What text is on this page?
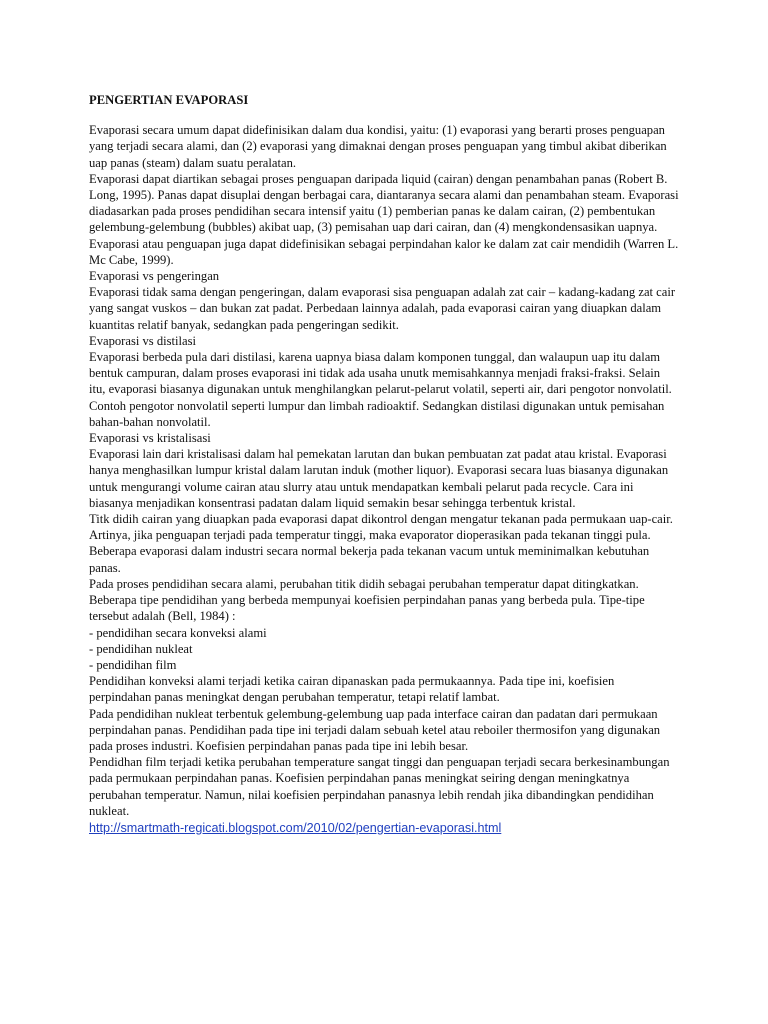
PENGERTIAN EVAPORASI

Evaporasi secara umum dapat didefinisikan dalam dua kondisi, yaitu: (1) evaporasi yang berarti proses penguapan yang terjadi secara alami, dan (2) evaporasi yang dimaknai dengan proses penguapan yang timbul akibat diberikan uap panas (steam) dalam suatu peralatan.

Evaporasi dapat diartikan sebagai proses penguapan daripada liquid (cairan) dengan penambahan panas (Robert B. Long, 1995). Panas dapat disuplai dengan berbagai cara, diantaranya secara alami dan penambahan steam. Evaporasi diadasarkan pada proses pendidihan secara intensif yaitu (1) pemberian panas ke dalam cairan, (2) pembentukan gelembung-gelembung (bubbles) akibat uap, (3) pemisahan uap dari cairan, dan (4) mengkondensasikan uapnya.

Evaporasi atau penguapan juga dapat didefinisikan sebagai perpindahan kalor ke dalam zat cair mendidih (Warren L. Mc Cabe, 1999).

Evaporasi vs pengeringan

Evaporasi tidak sama dengan pengeringan, dalam evaporasi sisa penguapan adalah zat cair – kadang-kadang zat cair yang sangat vuskos – dan bukan zat padat. Perbedaan lainnya adalah, pada evaporasi cairan yang diuapkan dalam kuantitas relatif banyak, sedangkan pada pengeringan sedikit.

Evaporasi vs distilasi

Evaporasi berbeda pula dari distilasi, karena uapnya biasa dalam komponen tunggal, dan walaupun uap itu dalam bentuk campuran, dalam proses evaporasi ini tidak ada usaha unutk memisahkannya menjadi fraksi-fraksi. Selain itu, evaporasi biasanya digunakan untuk menghilangkan pelarut-pelarut volatil, seperti air, dari pengotor nonvolatil. Contoh pengotor nonvolatil seperti lumpur dan limbah radioaktif. Sedangkan distilasi digunakan untuk pemisahan bahan-bahan nonvolatil.

Evaporasi vs kristalisasi

Evaporasi lain dari kristalisasi dalam hal pemekatan larutan dan bukan pembuatan zat padat atau kristal. Evaporasi hanya menghasilkan lumpur kristal dalam larutan induk (mother liquor). Evaporasi secara luas biasanya digunakan untuk mengurangi volume cairan atau slurry atau untuk mendapatkan kembali pelarut pada recycle. Cara ini biasanya menjadikan konsentrasi padatan dalam liquid semakin besar sehingga terbentuk kristal.

Titk didih cairan yang diuapkan pada evaporasi dapat dikontrol dengan mengatur tekanan pada permukaan uap-cair. Artinya, jika penguapan terjadi pada temperatur tinggi, maka evaporator dioperasikan pada tekanan tinggi pula. Beberapa evaporasi dalam industri secara normal bekerja pada tekanan vacum untuk meminimalkan kebutuhan panas.

Pada proses pendidihan secara alami, perubahan titik didih sebagai perubahan temperatur dapat ditingkatkan. Beberapa tipe pendidihan yang berbeda mempunyai koefisien perpindahan panas yang berbeda pula. Tipe-tipe tersebut adalah (Bell, 1984) :

- pendidihan secara konveksi alami

- pendidihan nukleat

- pendidihan film

Pendidihan konveksi alami terjadi ketika cairan dipanaskan pada permukaannya. Pada tipe ini, koefisien perpindahan panas meningkat dengan perubahan temperatur, tetapi relatif lambat.

Pada pendidihan nukleat terbentuk gelembung-gelembung uap pada interface cairan dan padatan dari permukaan perpindahan panas. Pendidihan pada tipe ini terjadi dalam sebuah ketel atau reboiler thermosifon yang digunakan pada proses industri. Koefisien perpindahan panas pada tipe ini lebih besar.

Pendidhan film terjadi ketika perubahan temperature sangat tinggi dan penguapan terjadi secara berkesinambungan pada permukaan perpindahan panas. Koefisien perpindahan panas meningkat seiring dengan meningkatnya perubahan temperatur. Namun, nilai koefisien perpindahan panasnya lebih rendah jika dibandingkan pendidihan nukleat.

http://smartmath-regicati.blogspot.com/2010/02/pengertian-evaporasi.html
